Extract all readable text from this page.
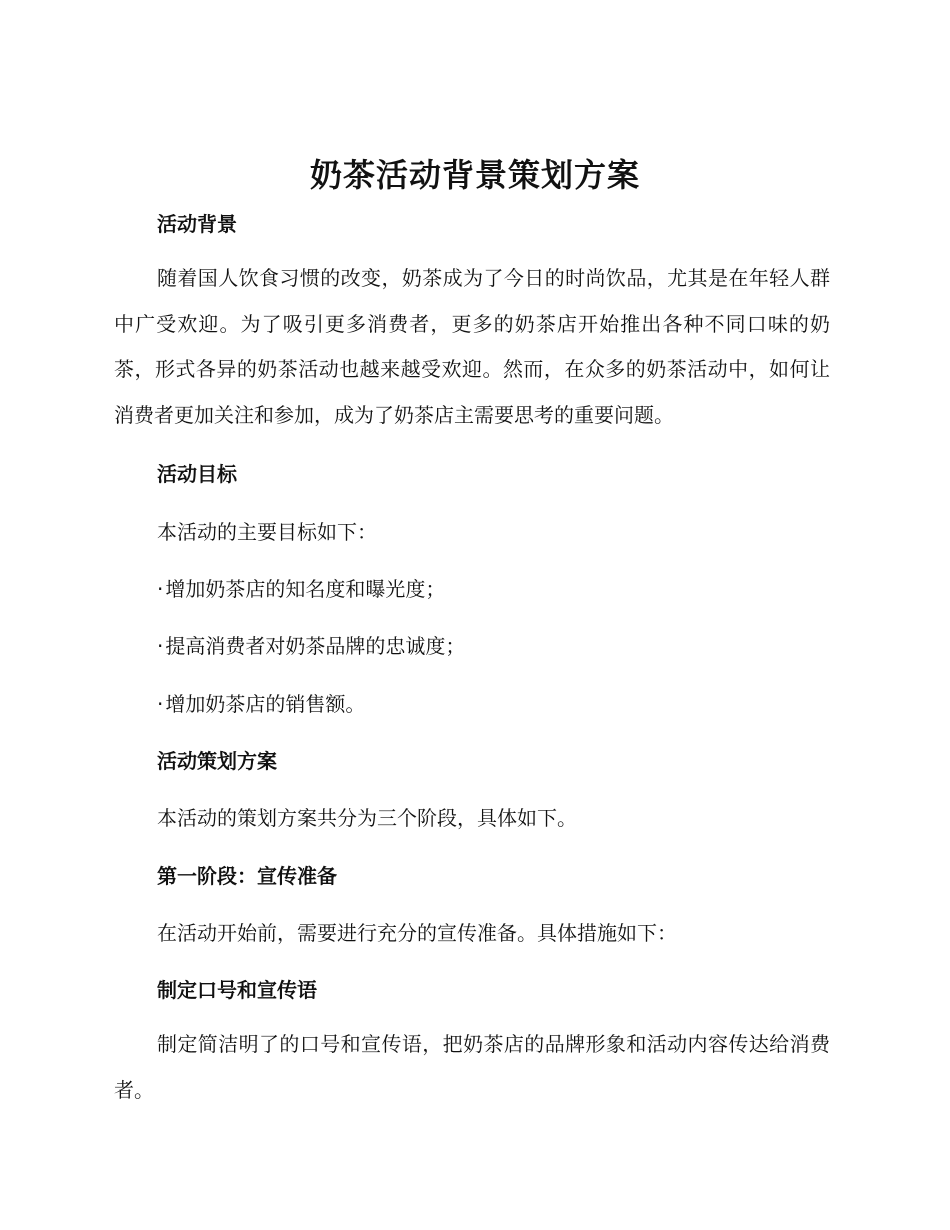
奶茶活动背景策划方案
活动背景
随着国人饮食习惯的改变，奶茶成为了今日的时尚饮品，尤其是在年轻人群中广受欢迎。为了吸引更多消费者，更多的奶茶店开始推出各种不同口味的奶茶，形式各异的奶茶活动也越来越受欢迎。然而，在众多的奶茶活动中，如何让消费者更加关注和参加，成为了奶茶店主需要思考的重要问题。
活动目标
本活动的主要目标如下：
· 增加奶茶店的知名度和曝光度；
· 提高消费者对奶茶品牌的忠诚度；
· 增加奶茶店的销售额。
活动策划方案
本活动的策划方案共分为三个阶段，具体如下。
第一阶段：宣传准备
在活动开始前，需要进行充分的宣传准备。具体措施如下：
制定口号和宣传语
制定简洁明了的口号和宣传语，把奶茶店的品牌形象和活动内容传达给消费者。
